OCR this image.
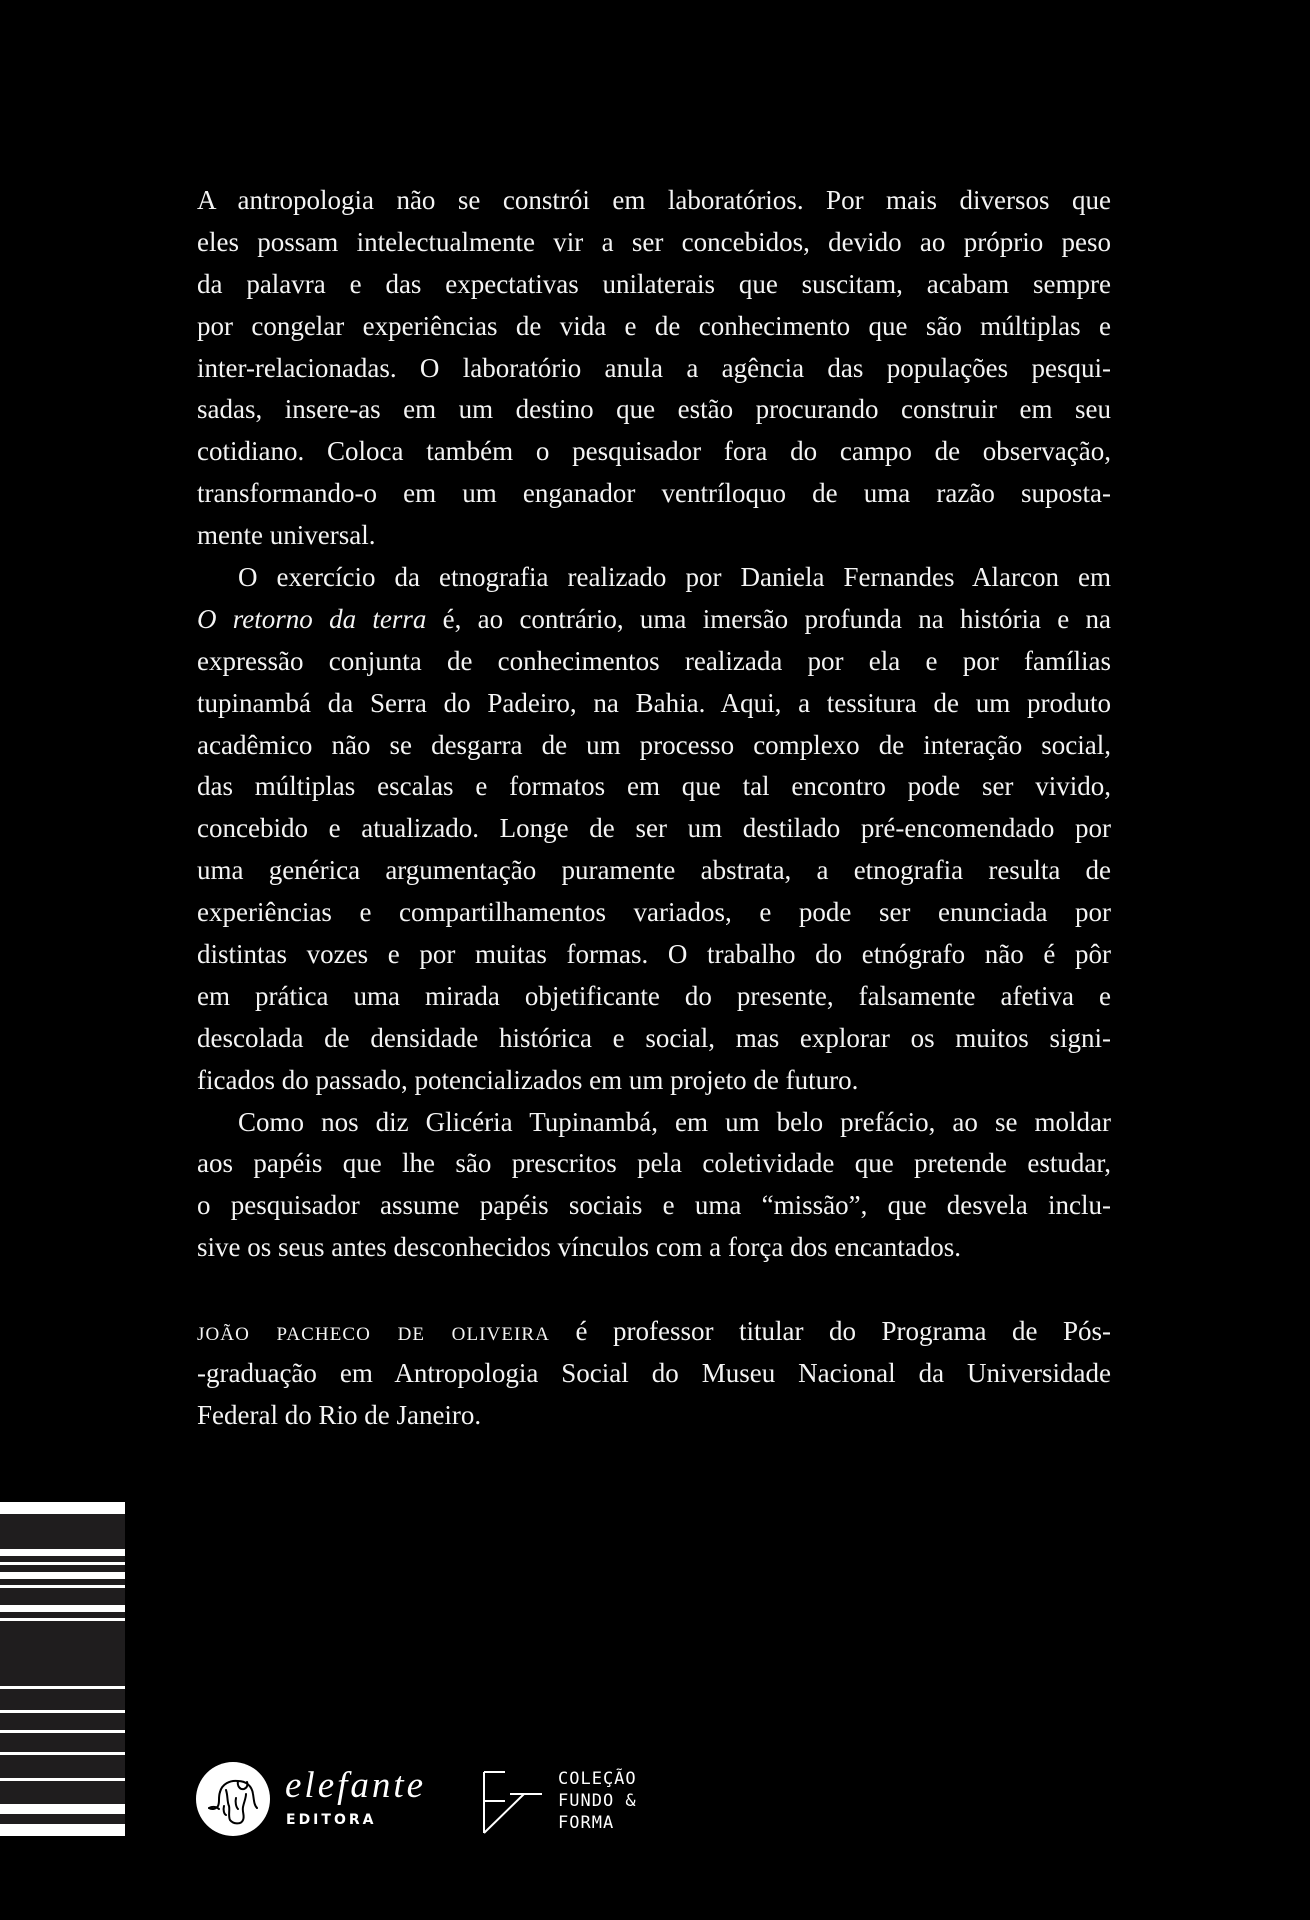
A antropologia não se constrói em laboratórios. Por mais diversos que
eles possam intelectualmente vir a ser concebidos, devido ao próprio peso
da palavra e das expectativas unilaterais que suscitam, acabam sempre
por congelar experiências de vida e de conhecimento que são múltiplas e
inter-relacionadas. O laboratório anula a agência das populações pesqui-
sadas, insere-as em um destino que estão procurando construir em seu
cotidiano. Coloca também o pesquisador fora do campo de observação,
transformando-o em um enganador ventríloquo de uma razão suposta-
mente universal.
O exercício da etnografia realizado por Daniela Fernandes Alarcon em
O retorno da terra é, ao contrário, uma imersão profunda na história e na
expressão conjunta de conhecimentos realizada por ela e por famílias
tupinambá da Serra do Padeiro, na Bahia. Aqui, a tessitura de um produto
acadêmico não se desgarra de um processo complexo de interação social,
das múltiplas escalas e formatos em que tal encontro pode ser vivido,
concebido e atualizado. Longe de ser um destilado pré-encomendado por
uma genérica argumentação puramente abstrata, a etnografia resulta de
experiências e compartilhamentos variados, e pode ser enunciada por
distintas vozes e por muitas formas. O trabalho do etnógrafo não é pôr
em prática uma mirada objetificante do presente, falsamente afetiva e
descolada de densidade histórica e social, mas explorar os muitos signi-
ficados do passado, potencializados em um projeto de futuro.
Como nos diz Glicéria Tupinambá, em um belo prefácio, ao se moldar
aos papéis que lhe são prescritos pela coletividade que pretende estudar,
o pesquisador assume papéis sociais e uma “missão”, que desvela inclu-
sive os seus antes desconhecidos vínculos com a força dos encantados.
joão pacheco de oliveira é professor titular do Programa de Pós-
-graduação em Antropologia Social do Museu Nacional da Universidade
Federal do Rio de Janeiro.
elefante
EDITORA
COLEÇÃO
FUNDO &
FORMA
